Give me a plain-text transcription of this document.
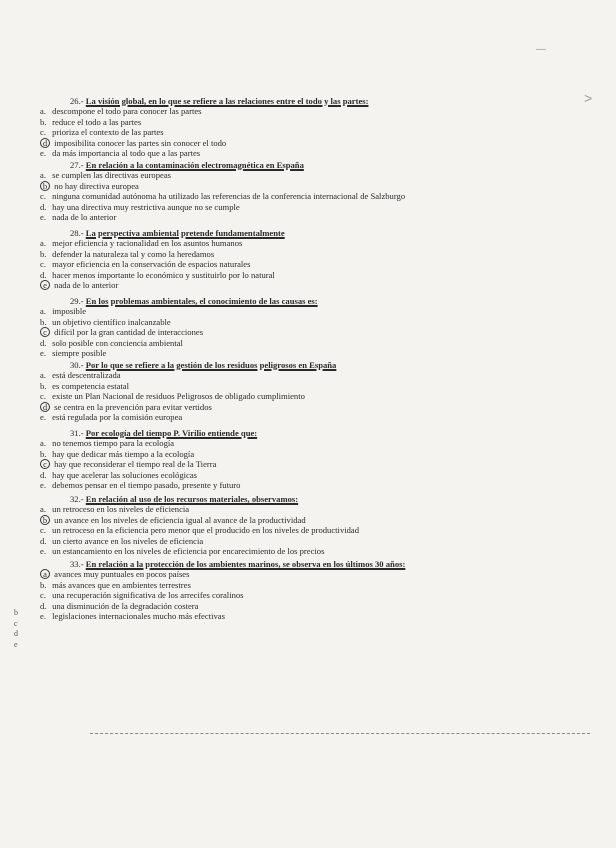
26.- La visión global, en lo que se refiere a las relaciones entre el todo y las partes:
a. descompone el todo para conocer las partes
b. reduce el todo a las partes
c. prioriza el contexto de las partes
d imposibilita conocer las partes sin conocer el todo
e. da más importancia al todo que a las partes
27.- En relación a la contaminación electromagnética en España
a. se cumplen las directivas europeas
b no hay directiva europea
c. ninguna comunidad autónoma ha utilizado las referencias de la conferencia internacional de Salzburgo
d. hay una directiva muy restrictiva aunque no se cumple
e. nada de lo anterior
28.- La perspectiva ambiental pretende fundamentalmente
a. mejor eficiencia y racionalidad en los asuntos humanos
b. defender la naturaleza tal y como la heredamos
c. mayor eficiencia en la conservación de espacios naturales
d. hacer menos importante lo económico y sustituirlo por lo natural
e nada de lo anterior
29.- En los problemas ambientales, el conocimiento de las causas es:
a. imposible
b. un objetivo científico inalcanzable
c difícil por la gran cantidad de interacciones
d. solo posible con conciencia ambiental
e. siempre posible
30.- Por lo que se refiere a la gestión de los residuos peligrosos en España
a. está descentralizada
b. es competencia estatal
c. existe un Plan Nacional de residuos Peligrosos de obligado cumplimiento
d se centra en la prevención para evitar vertidos
e. está regulada por la comisión europea
31.- Por ecología del tiempo P. Virilio entiende que:
a. no tenemos tiempo para la ecología
b. hay que dedicar más tiempo a la ecología
c hay que reconsiderar el tiempo real de la Tierra
d. hay que acelerar las soluciones ecológicas
e. debemos pensar en el tiempo pasado, presente y futuro
32.- En relación al uso de los recursos materiales, observamos:
a. un retroceso en los niveles de eficiencia
b un avance en los niveles de eficiencia igual al avance de la productividad
c. un retroceso en la eficiencia pero menor que el producido en los niveles de productividad
d. un cierto avance en los niveles de eficiencia
e. un estancamiento en los niveles de eficiencia por encarecimiento de los precios
33.- En relación a la protección de los ambientes marinos, se observa en los últimos 30 años:
a avances muy puntuales en pocos países
b. más avances que en ambientes terrestres
c. una recuperación significativa de los arrecifes coralinos
d. una disminución de la degradación costera
e. legislaciones internacionales mucho más efectivas
b
c
d
e
˃
—
